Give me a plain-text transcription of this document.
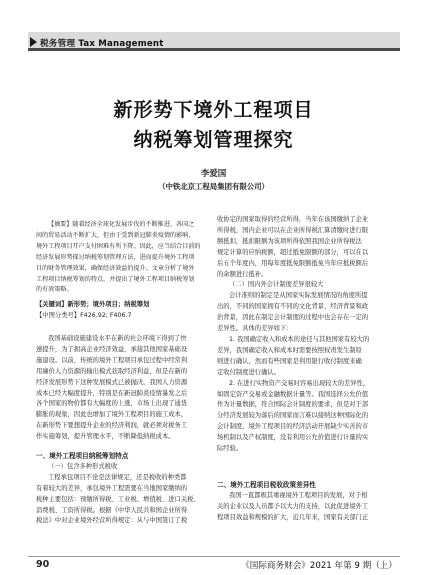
税务管理 Tax Management
新形势下境外工程项目
纳税筹划管理探究
李爱国
（中铁北京工程局集团有限公司）

【摘要】随着经济全球化发展步伐的不断推进，各国之

间的贸易活动不断扩大，但由于受到新冠肺炎疫情的影响，

境外工程项目开户支付困难有所下降。因此，应当结合目前的

经济发展形势探讨纳税筹划管理方法，进而提升境外工程项

目的财务管理效果，确保经济效益的提升。文章分析了境外

工程项目纳税筹划的特点，并提出了境外工程项目纳税筹划

的有效策略。

【关键词】新形势；境外项目；纳税筹划

【中图分类号】F426.92; F406.7

我国基础设施建设水平在新的社会环境下得到了快

速提升，为了拥高企业经济效益，承接其他国家基础设

施建设。以前，传统的境外工程项目承包过程中经常利

用廉价人力资源的输出模式获取经济利益，但是在新的

经济发展形势下这种发展模式已被抛决，我国人力资源

成本已经大幅度提升，特别是在新冠肺炎疫情暴发之后

各个国家的物价都有大幅度的上涨，市场上出现了通货

膨胀的现象，因此也增加了境外工程项目的施工成本，

在新形势下要想提升企业的经济利润，就必须对税务工

作实施筹划，提升管理水平，不断降低纳税成本。

一、境外工程项目纳税筹划特点

（一）包含多种形式税收

工程承包项目不论是法律规定，还是税收的种类都

有着较大的差异，承包境外工程需要在当地国家缴纳的

税种主要包括：预缴所得税、工业税、增值税、进口关税、

消费税、工资所得税。根据《中华人民共和国企业所得

税法》中对企业境外经营所得规定：从与中国签订了税

收协定的国家取得的经营所得，当年在该国缴纳了企业

所得税，国内企业可以在企业所得税汇算清缴时进行限

额抵扣，抵扣限额为该项所得依照我国企业所得税法

规定计算的应纳税额，超过抵免限额的部分，可以在以

后五个年度内，用每年度抵免限额抵免当年应抵税额后

的余额进行抵补。

（二）国内外会计制度差异很较大

会计准则的制定是从国家实际发展情况的角度所提

出的，不同的国家拥有不同的文化背景、经济背景和政

治背景，因此在制定会计制度的过程中也会存在一定的

差异性。具体的差异如下：

1. 我国确定收入和成本的途径与其他国家有较大的

差异，我国确定收入和成本时需要按照权责发生制原

则进行确认，然而有些国家是利用银行收付制度来确

定收付制度进行确认。

2. 在进行实物资产交易时容易出现较大的差异性，

如固定资产交易或金融数据计量等。我国选择公允价值

作为计量数据，符合国际会计制度的要求，但是对于部

分经济发展较为落后的国家而言难以接纳这种国际化的

会计制度，境外工程项目的经济活动开展缺少实善的市

场机制以及产权制度，没有利用公允价值进行计量的实

际经验。

二、境外工程项目税收政策差异性

我国一直都极其重视境外工程项目的发展，对于相

关的企业以及人员都予以大力的支持，以此促进境外工

程项目效益和规模的扩大，近几年来，国家有关部门正

90	《国际商务财会》2021 年第 9 期（上）
